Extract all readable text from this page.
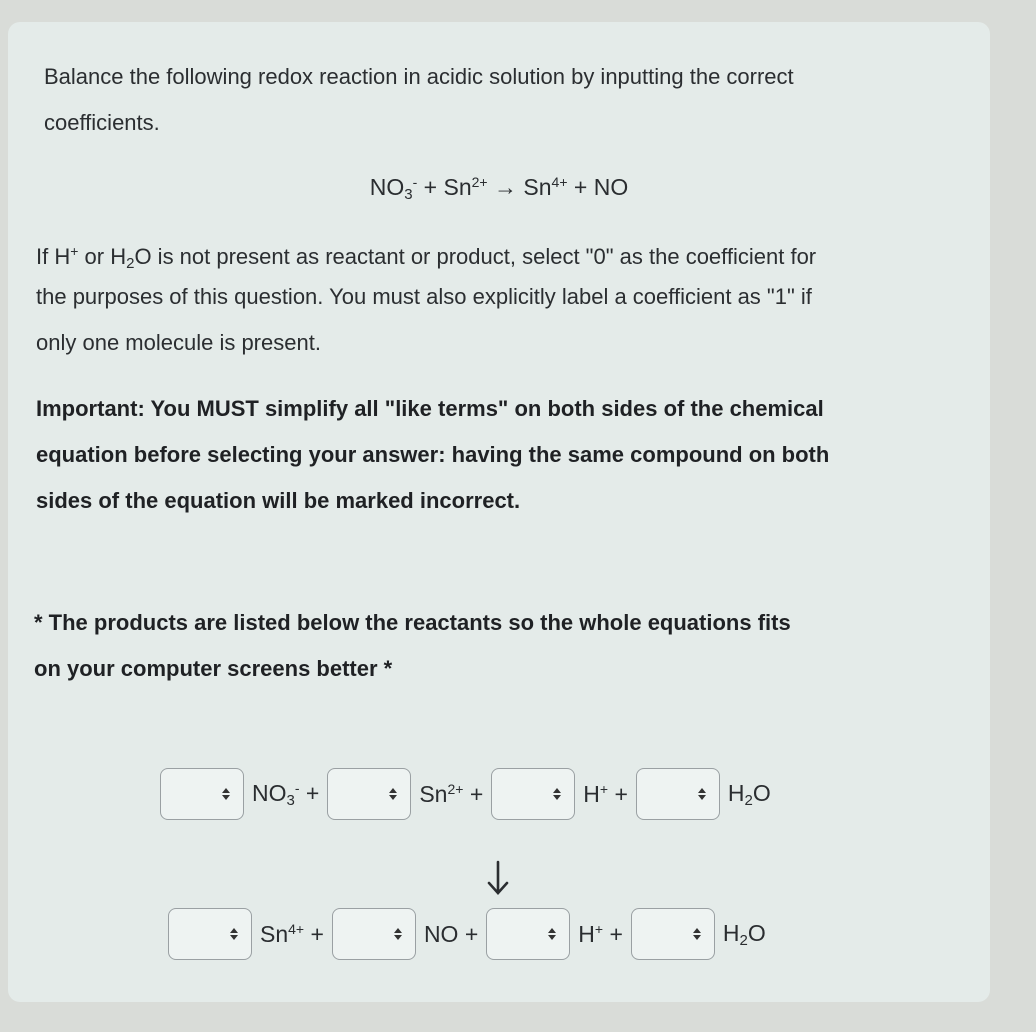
Balance the following redox reaction in acidic solution by inputting the correct

coefficients.

$NO_3^- + Sn^{2+} \to Sn^{4+}$ + NO

If H+ or $H_2O$ is not present as reactant or product, select "0" as the coefficient for

the purposes of this question. You must also explicitly label a coefficient as "1" if

only one molecule is present.

Important: You MUST simplify all "like terms" on both sides of the chemical

equation before selecting your answer: having the same compound on both

sides of the equation will be marked incorrect.

* The products are listed below the reactants so the whole equations fits

on your computer screens better *

$NO_3^-$ +	$Sn^{2+}$ +	H+ +	$H_2O$
$Sn^{4+}$ +	NO +	H+ +	$H_2O$
